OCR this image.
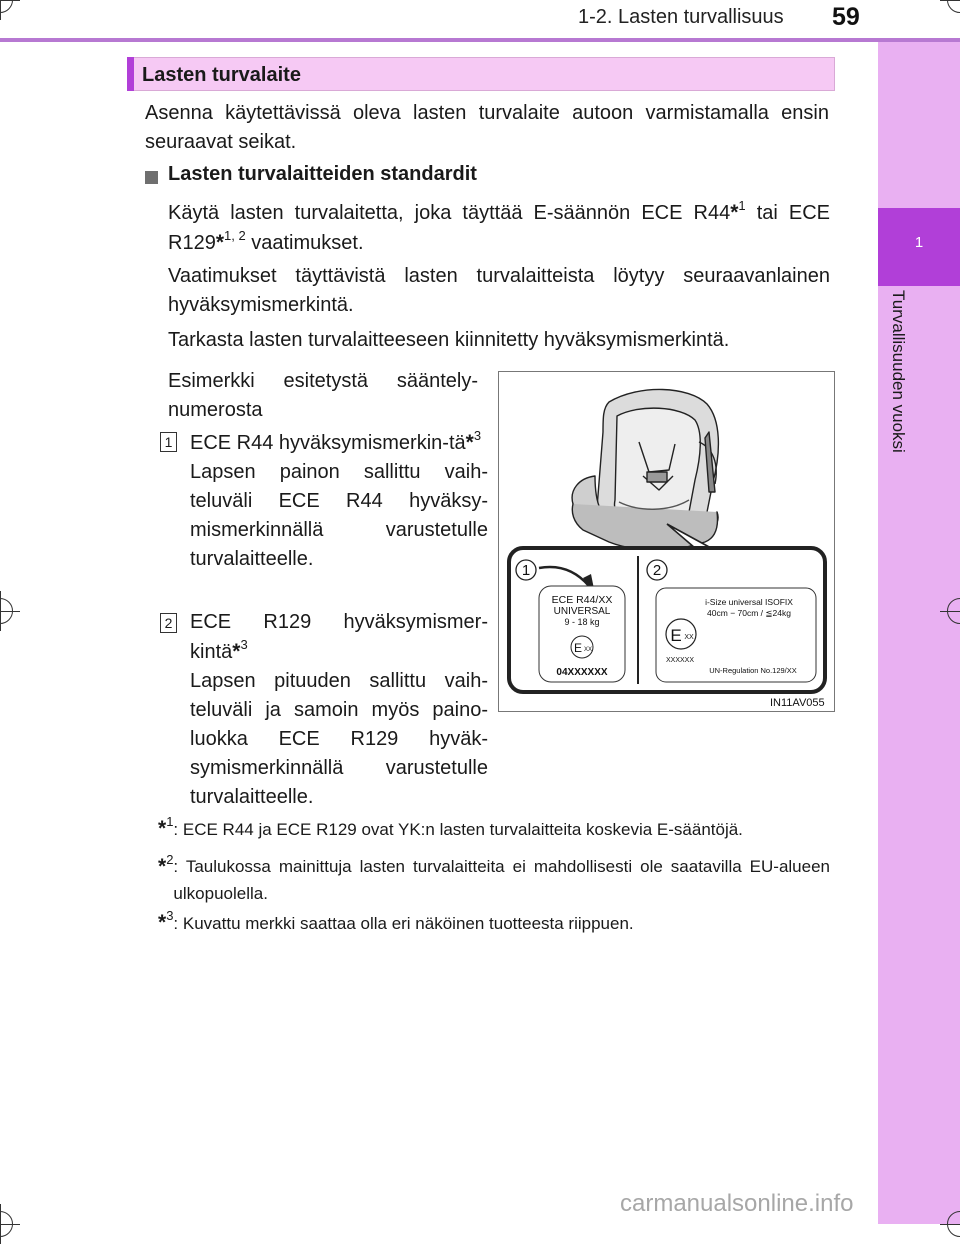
1-2. Lasten turvallisuus 59
1
Turvallisuuden vuoksi
Lasten turvalaite
Asenna käytettävissä oleva lasten turvalaite autoon varmistamalla ensin seuraavat seikat.
Lasten turvalaitteiden standardit
Käytä lasten turvalaitetta, joka täyttää E-säännön ECE R44*$^1$ tai ECE R129*$^{1, 2}$ vaatimukset.
Vaatimukset täyttävistä lasten turvalaitteista löytyy seuraavanlainen hyväksymismerkintä.
Tarkasta lasten turvalaitteeseen kiinnitetty hyväksymismerkintä.
Esimerkki esitetystä sääntely-numerosta
1 ECE R44 hyväksymismerkin-tä*$^3$
Lapsen painon sallittu vaih-teluväli ECE R44 hyväksy-mismerkinnällä varustetulle turvalaitteelle.
2 ECE R129 hyväksymismer-kintä*$^3$
Lapsen pituuden sallittu vaih-teluväli ja samoin myös paino-luokka ECE R129 hyväk-symismerkinnällä varustetulle turvalaitteelle.
1	2
ECE R44/XX
UNIVERSAL
9 - 18 kg
E XX
04XXXXXX
i-Size universal ISOFIX
40cm − 70cm / ≦24kg
E XX
XXXXXX
UN-Regulation No.129/XX
IN11AV055
*$^1$: ECE R44 ja ECE R129 ovat YK:n lasten turvalaitteita koskevia E-sääntöjä.
*$^2$ : Taulukossa mainittuja lasten turvalaitteita ei mahdollisesti ole saatavilla EU-alueen ulkopuolella.
*$^3$: Kuvattu merkki saattaa olla eri näköinen tuotteesta riippuen.
carmanualsonline.info
